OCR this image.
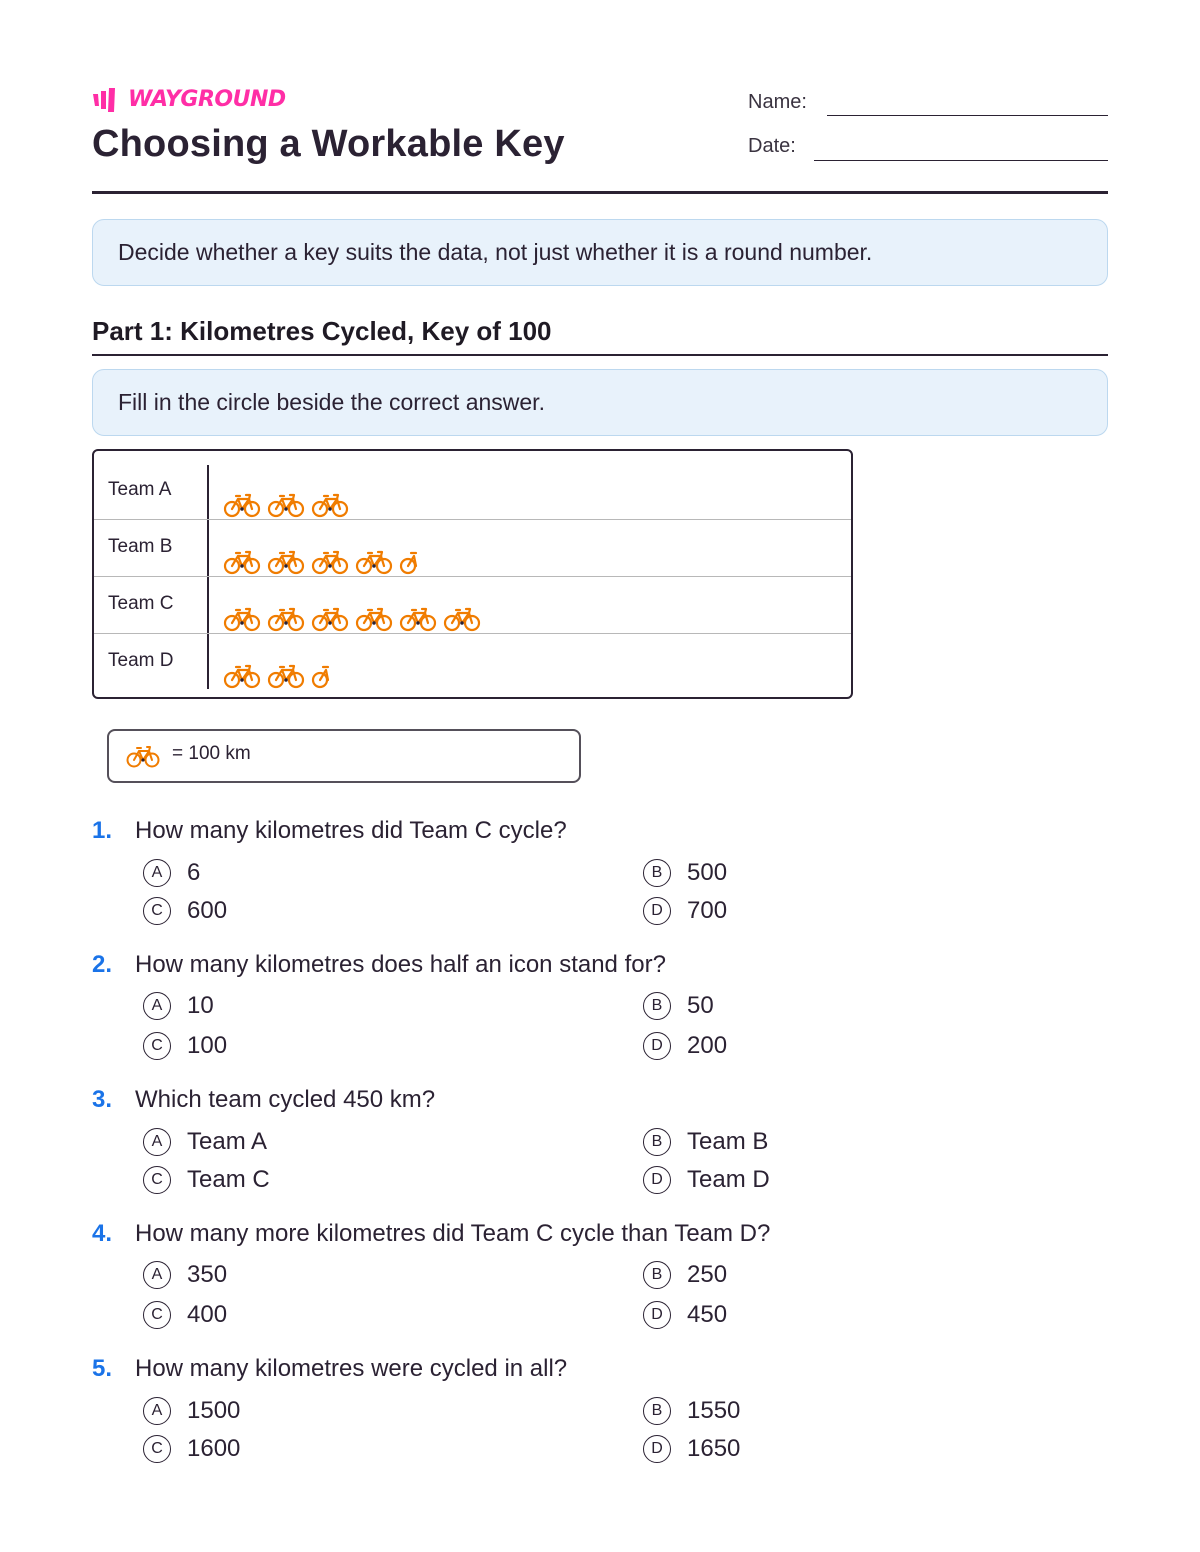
WAYGROUND
Choosing a Workable Key
Name:
Date:
Decide whether a key suits the data, not just whether it is a round number.
Part 1: Kilometres Cycled, Key of 100
Fill in the circle beside the correct answer.
Team A
Team B
Team C
Team D
= 100 km
1. How many kilometres did Team C cycle?
A	6	B	500
C	600	D	700
2. How many kilometres does half an icon stand for?
A	10	B	50
C	100	D	200
3. Which team cycled 450 km?
A	Team A	B	Team B
C	Team C	D	Team D
4. How many more kilometres did Team C cycle than Team D?
A	350	B	250
C	400	D	450
5. How many kilometres were cycled in all?
A	1500	B	1550
C	1600	D	1650
